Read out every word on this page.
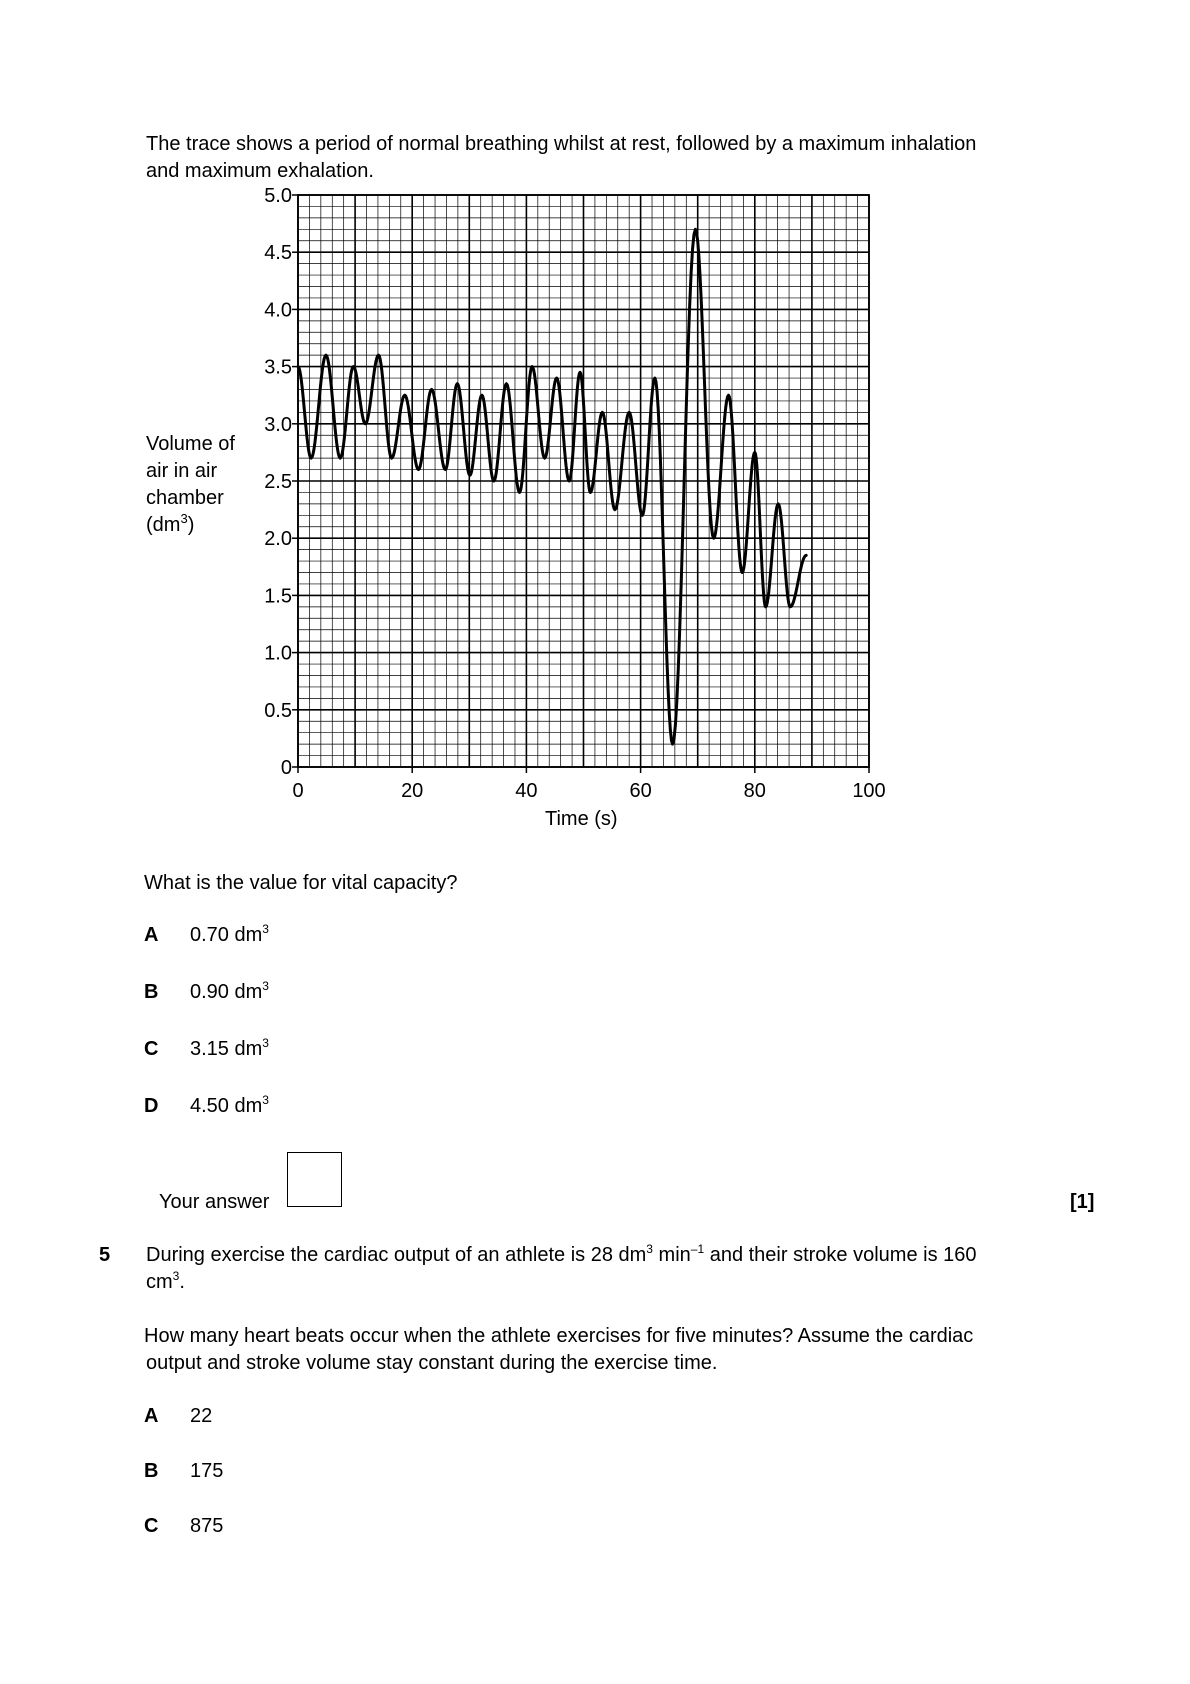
The trace shows a period of normal breathing whilst at rest, followed by a maximum inhalation
and maximum exhalation.
0
0.5
1.0
1.5
2.0
2.5
3.0
3.5
4.0
4.5
5.0
0	20	40	60	80	100
Time (s)
Volume of
air in air
chamber
$(dm^3)$
What is the value for vital capacity?
A 0.70 $dm^3$
B 0.90 $dm^3$
C 3.15 $dm^3$
D 4.50 $dm^3$
Your answer	[1]
5 During exercise the cardiac output of an athlete is 28 $dm^3$ $\min^{-1}$ and their stroke volume is 160
$cm^3$.
How many heart beats occur when the athlete exercises for five minutes? Assume the cardiac
output and stroke volume stay constant during the exercise time.
A 22
B 175
C 875
